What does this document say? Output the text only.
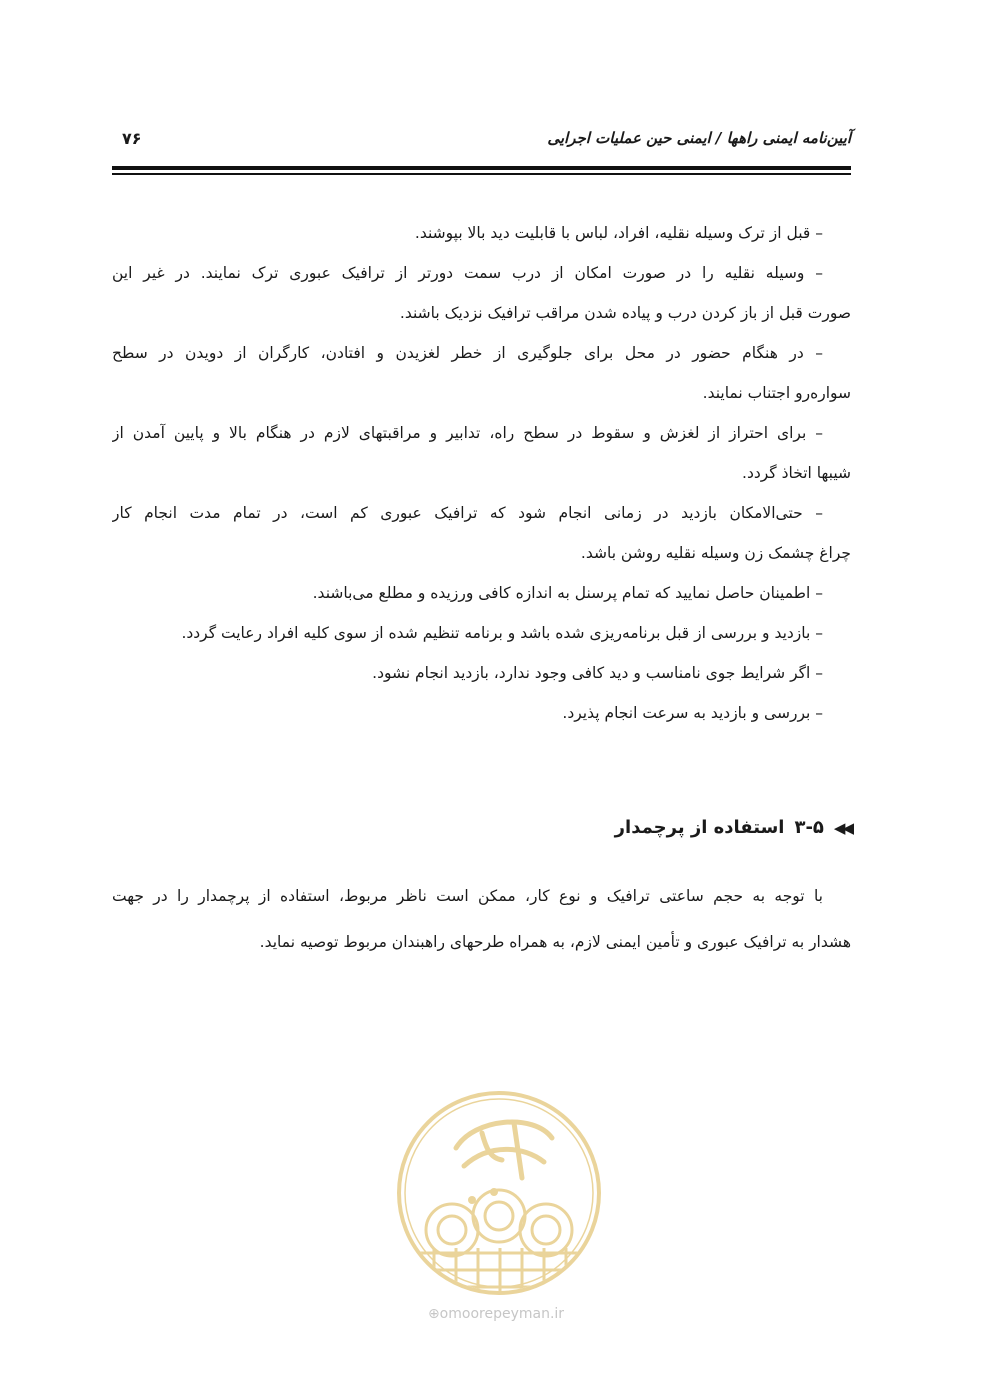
آیین‌نامه ایمنی راهها / ایمنی حین عملیات اجرایی
۷۶
– قبل از ترک وسیله نقلیه، افراد، لباس با قابلیت دید بالا بپوشند.
– وسیله نقلیه را در صورت امکان از درب سمت دورتر از ترافیک عبوری ترک نمایند. در غیر این
صورت قبل از باز کردن درب و پیاده شدن مراقب ترافیک نزدیک باشند.
– در هنگام حضور در محل برای جلوگیری از خطر لغزیدن و افتادن، کارگران از دویدن در سطح
سواره‌رو اجتناب نمایند.
– برای احتراز از لغزش و سقوط در سطح راه، تدابیر و مراقبتهای لازم در هنگام بالا و پایین آمدن از
شیبها اتخاذ گردد.
– حتی‌الامکان بازدید در زمانی انجام شود که ترافیک عبوری کم است، در تمام مدت انجام کار
چراغ چشمک زن وسیله نقلیه روشن باشد.
– اطمینان حاصل نمایید که تمام پرسنل به اندازه کافی ورزیده و مطلع می‌باشند.
– بازدید و بررسی از قبل برنامه‌ریزی شده باشد و برنامه تنظیم شده از سوی کلیه افراد رعایت گردد.
– اگر شرایط جوی نامناسب و دید کافی وجود ندارد، بازدید انجام نشود.
– بررسی و بازدید به سرعت انجام پذیرد.
◀◀
۳-۵
استفاده از پرچمدار
با توجه به حجم ساعتی ترافیک و نوع کار، ممکن است ناظر مربوط، استفاده از پرچمدار را در جهت
هشدار به ترافیک عبوری و تأمین ایمنی لازم، به همراه طرحهای راهبندان مربوط توصیه نماید.
⊕omoorepeyman.ir
